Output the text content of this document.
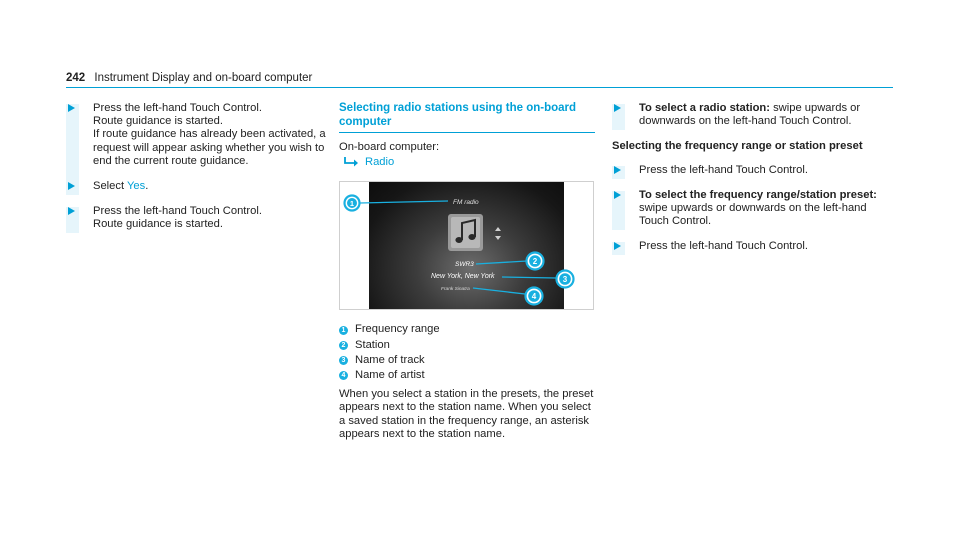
242 Instrument Display and on-board computer

Press the left-hand Touch Control.

Route guidance is started.

If route guidance has already been activated, a request will appear asking whether you wish to end the current route guidance.

Select Yes.

Press the left-hand Touch Control.

Route guidance is started.

Selecting radio stations using the on-board computer
On-board computer:
Radio
FM radio
SWR3
New York, New York
Frank Sinatra
1
2
3
4
1 Frequency range
2 Station
3 Name of track
4 Name of artist

When you select a station in the presets, the preset appears next to the station name. When you select a saved station in the frequency range, an asterisk appears next to the station name.

To select a radio station: swipe upwards or downwards on the left-hand Touch Control.

Selecting the frequency range or station preset

Press the left-hand Touch Control.

To select the frequency range/station preset: swipe upwards or downwards on the left-hand Touch Control.

Press the left-hand Touch Control.
